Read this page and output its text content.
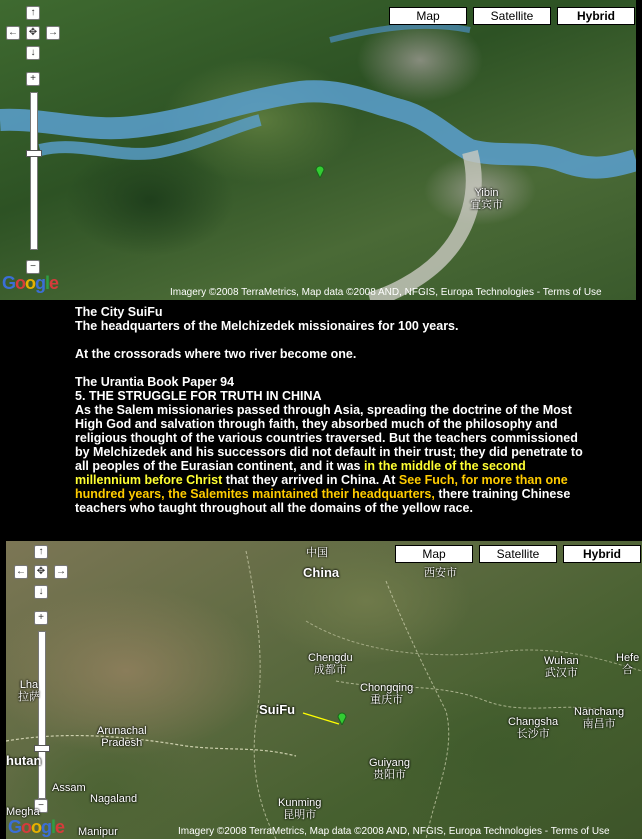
Map	Satellite	Hybrid
↑
← ✥ →
↓
+
−
Google
Yibin
宜宾市
Imagery ©2008 TerraMetrics, Map data ©2008 AND, NFGIS, Europa Technologies - Terms of Use

The City SuiFu

The headquarters of the Melchizedek missionaires for 100 years.

At the crossorads where two river become one.

The Urantia Book Paper 94

5. THE STRUGGLE FOR TRUTH IN CHINA

As the Salem missionaries passed through Asia, spreading the doctrine of the Most High God and salvation through faith, they absorbed much of the philosophy and religious thought of the various countries traversed. But the teachers commissioned by Melchizedek and his successors did not default in their trust; they did penetrate to all peoples of the Eurasian continent, and it was in the middle of the second millennium before Christ that they arrived in China. At See Fuch, for more than one hundred years, the Salemites maintained their headquarters, there training Chinese teachers who taught throughout all the domains of the yellow race.

Map	Satellite	Hybrid
↑
← ✥ →
↓
+
−
Google
中国
China	西安市
Chengdu
成都市
Chongqing
重庆市
Wuhan
武汉市
Hefe
合
Lha
拉萨
SuiFu
Arunachal
Pradesh
Changsha
长沙市
Nanchang
南昌市
Guiyang
贵阳市
hutan
Assam
Nagaland	Kunming
昆明市
Megha
Manipur	Imagery ©2008 TerraMetrics, Map data ©2008 AND, NFGIS, Europa Technologies - Terms of Use
